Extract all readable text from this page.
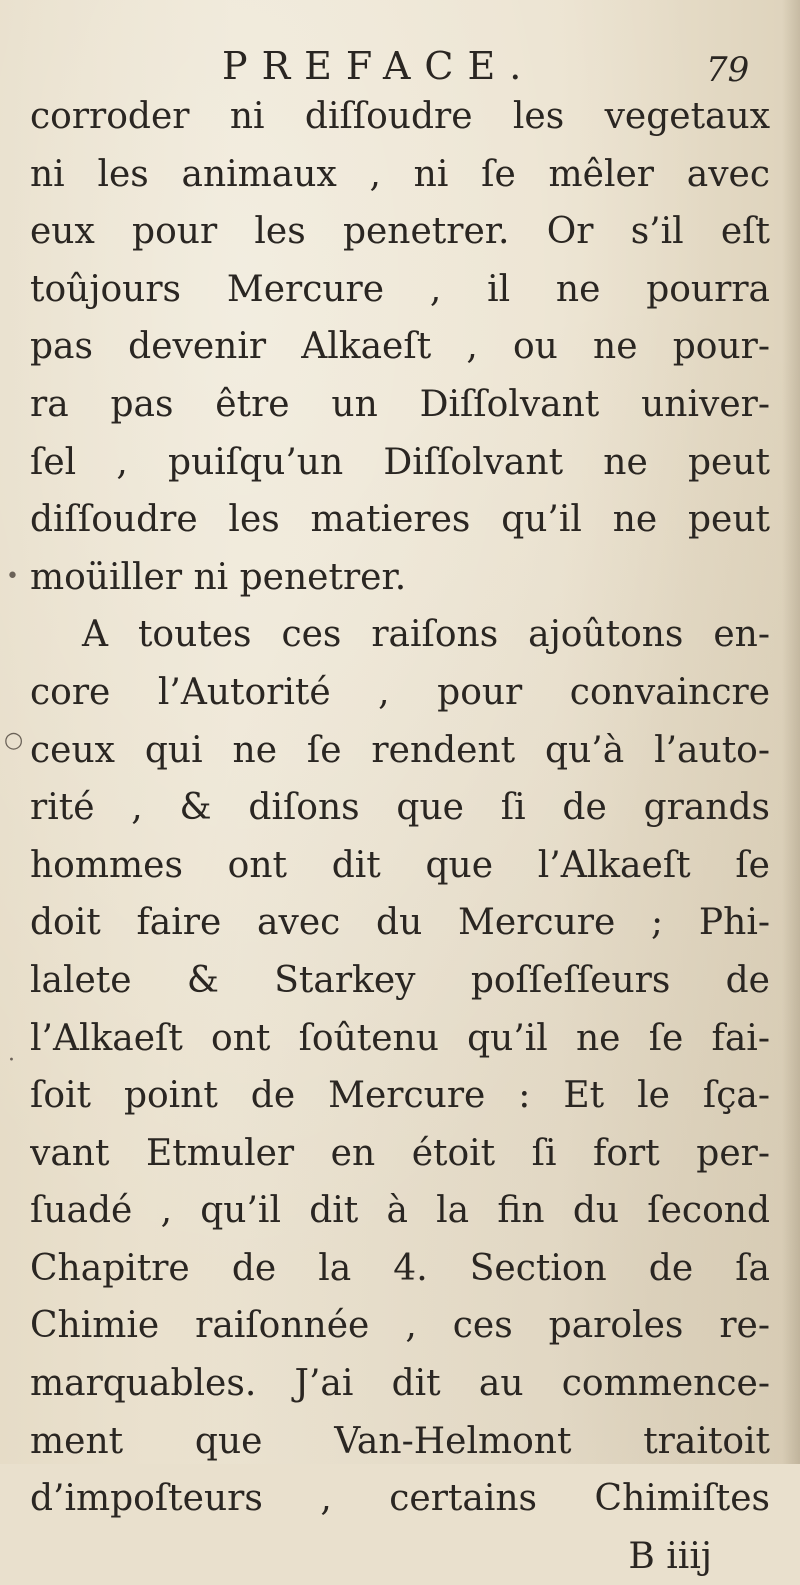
PREFACE.	79
corroder ni diſſoudre les vegetaux
ni les animaux , ni ſe mêler avec
eux pour les penetrer. Or s’il eſt
toûjours Mercure , il ne pourra
pas devenir Alkaeſt , ou ne pour-
ra pas être un Diſſolvant univer-
ſel , puiſqu’un Diſſolvant ne peut
diſſoudre les matieres qu’il ne peut
moüiller ni penetrer.
A toutes ces raiſons ajoûtons en-
core l’Autorité , pour convaincre
ceux qui ne ſe rendent qu’à l’auto-
rité , & diſons que ſi de grands
hommes ont dit que l’Alkaeſt ſe
doit faire avec du Mercure ; Phi-
lalete & Starkey poſſeſſeurs de
l’Alkaeſt ont ſoûtenu qu’il ne ſe fai-
ſoit point de Mercure : Et le ſça-
vant Etmuler en étoit ſi fort per-
ſuadé , qu’il dit à la fin du ſecond
Chapitre de la 4. Section de ſa
Chimie raiſonnée , ces paroles re-
marquables. J’ai dit au commence-
ment que Van-Helmont traitoit
d’impoſteurs , certains Chimiſtes
B iiij
•
○
·
